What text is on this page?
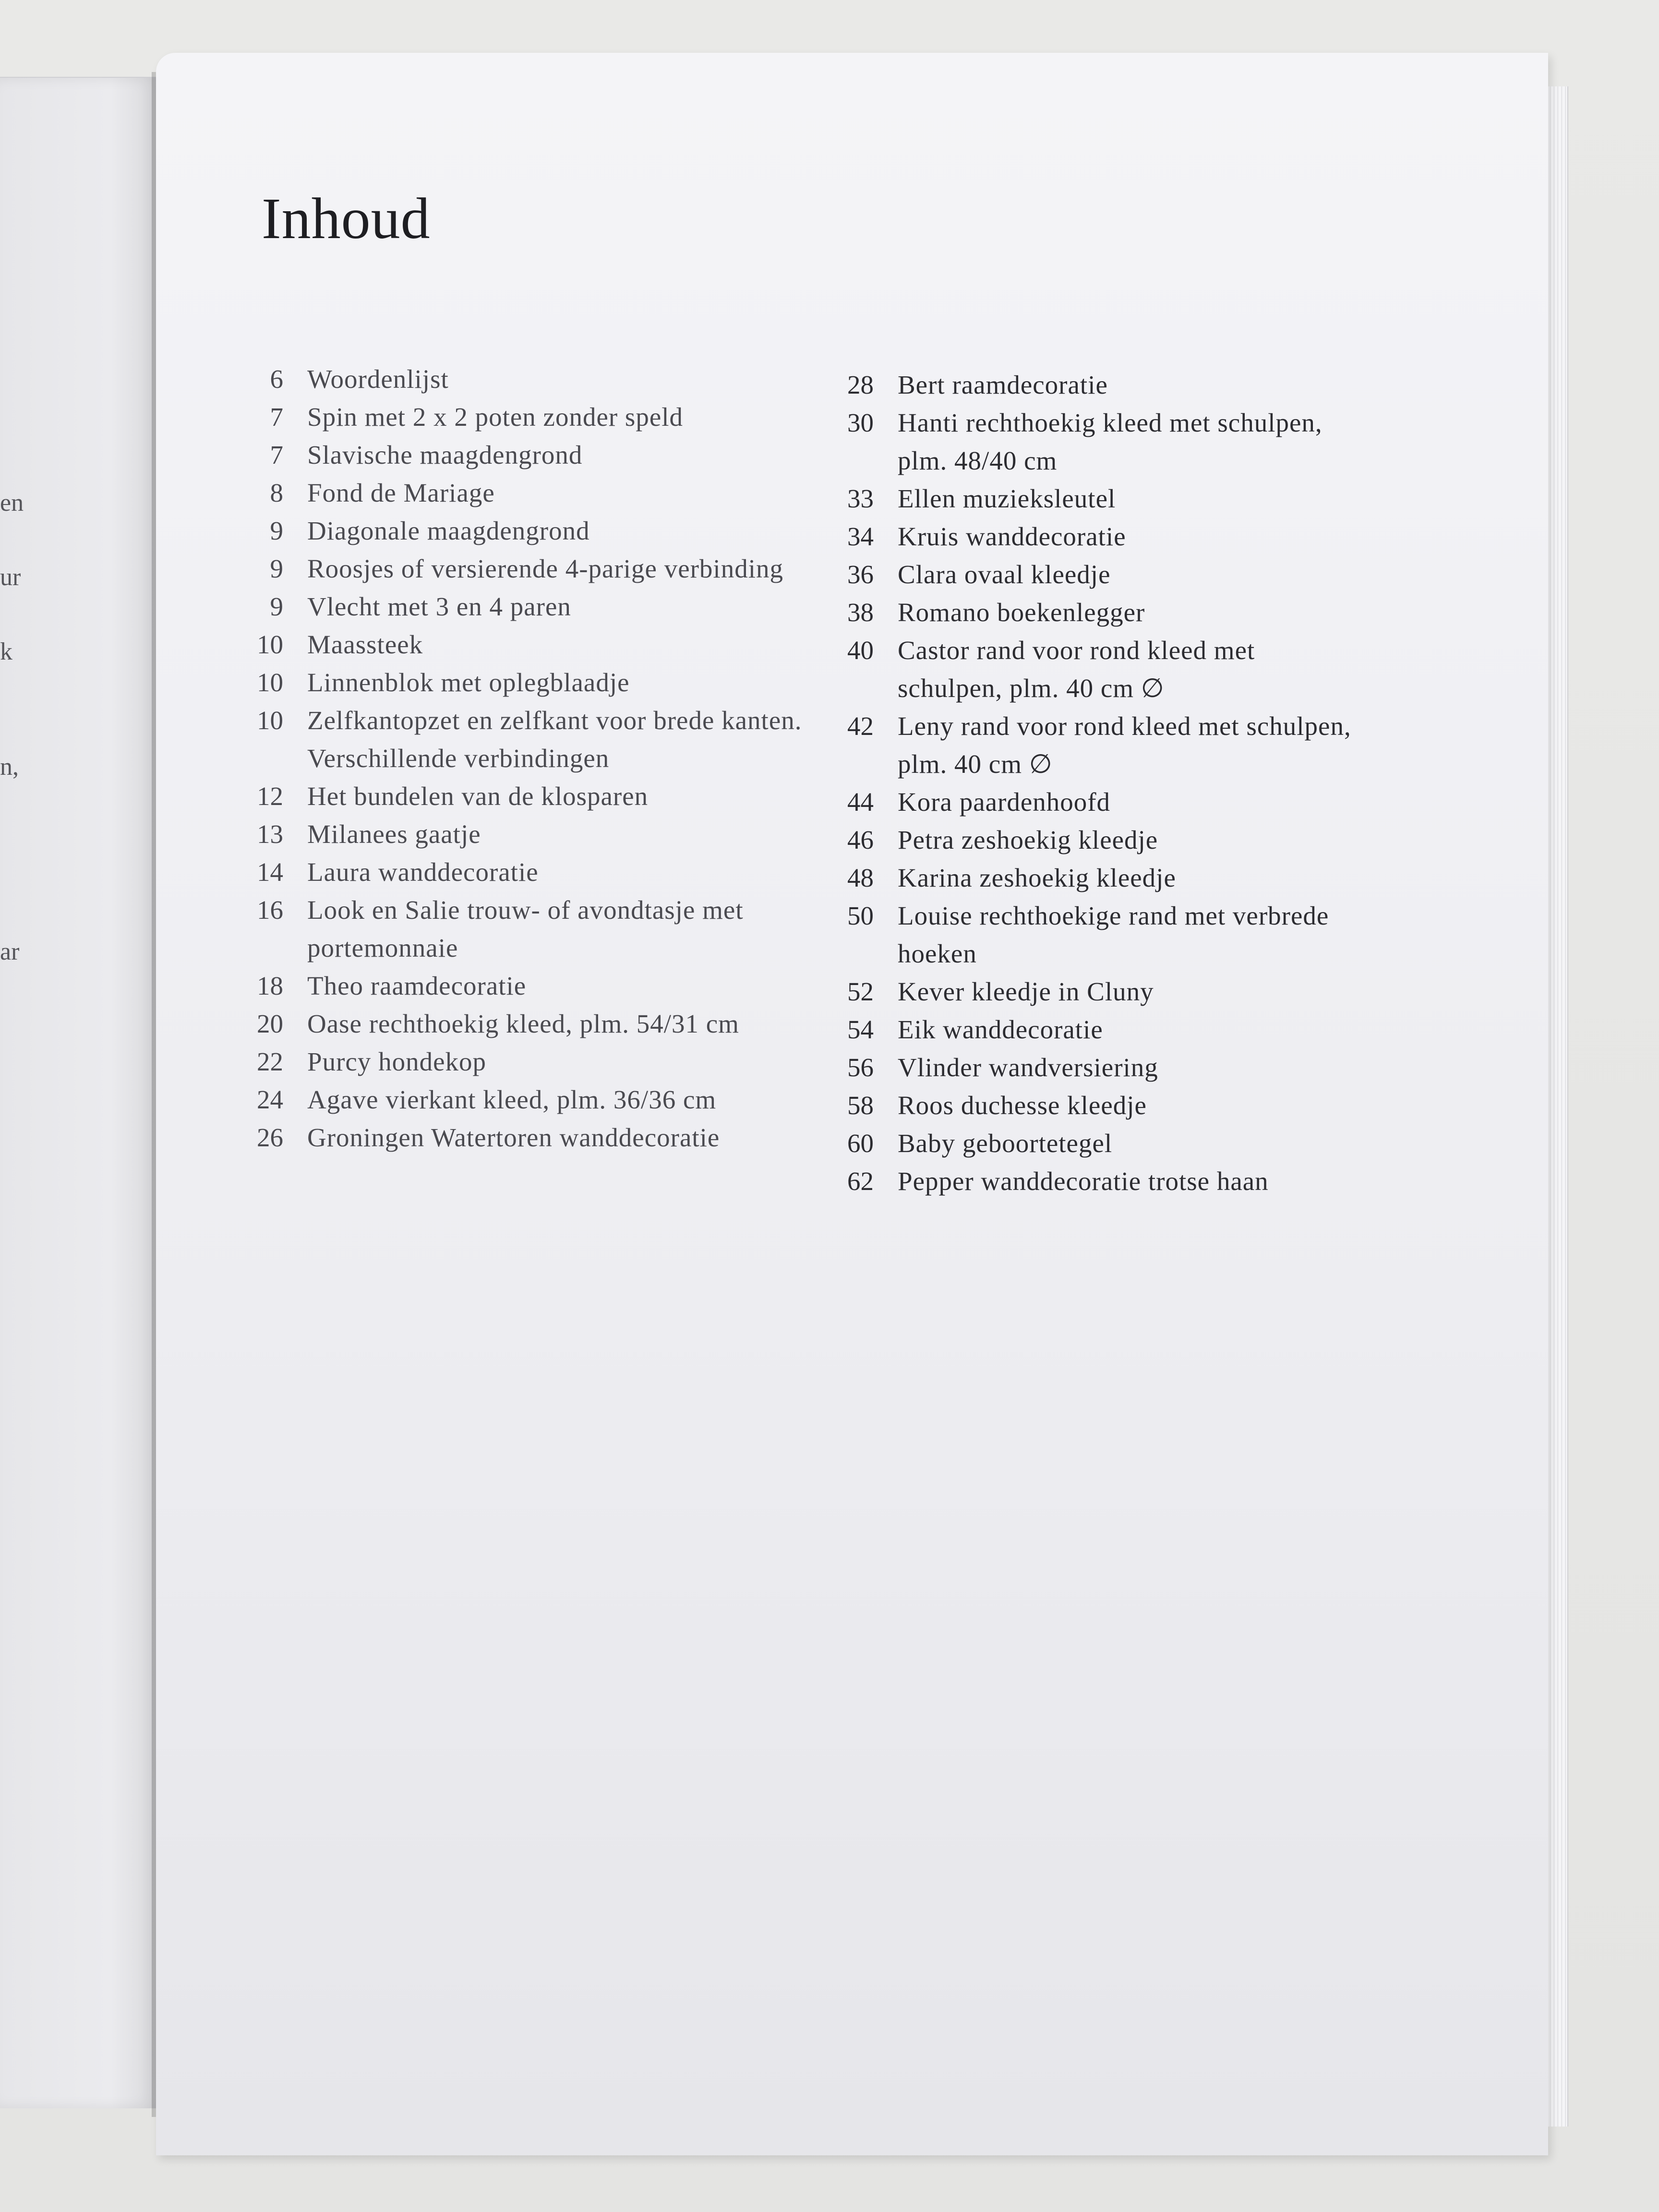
en
ur
k
n,
ar
Inhoud
6 Woordenlijst
7 Spin met 2 x 2 poten zonder speld
7 Slavische maagdengrond
8 Fond de Mariage
9 Diagonale maagdengrond
9 Roosjes of versierende 4-parige verbinding
9 Vlecht met 3 en 4 paren
10 Maassteek
10 Linnenblok met oplegblaadje
10 Zelfkantopzet en zelfkant voor brede kanten. Verschillende verbindingen
12 Het bundelen van de klosparen
13 Milanees gaatje
14 Laura wanddecoratie
16 Look en Salie trouw- of avondtasje met portemonnaie
18 Theo raamdecoratie
20 Oase rechthoekig kleed, plm. 54/31 cm
22 Purcy hondekop
24 Agave vierkant kleed, plm. 36/36 cm
26 Groningen Watertoren wanddecoratie
28 Bert raamdecoratie
30 Hanti rechthoekig kleed met schulpen, plm. 48/40 cm
33 Ellen muzieksleutel
34 Kruis wanddecoratie
36 Clara ovaal kleedje
38 Romano boekenlegger
40 Castor rand voor rond kleed met schulpen, plm. 40 cm ∅
42 Leny rand voor rond kleed met schulpen, plm. 40 cm ∅
44 Kora paardenhoofd
46 Petra zeshoekig kleedje
48 Karina zeshoekig kleedje
50 Louise rechthoekige rand met verbrede hoeken
52 Kever kleedje in Cluny
54 Eik wanddecoratie
56 Vlinder wandversiering
58 Roos duchesse kleedje
60 Baby geboortetegel
62 Pepper wanddecoratie trotse haan
